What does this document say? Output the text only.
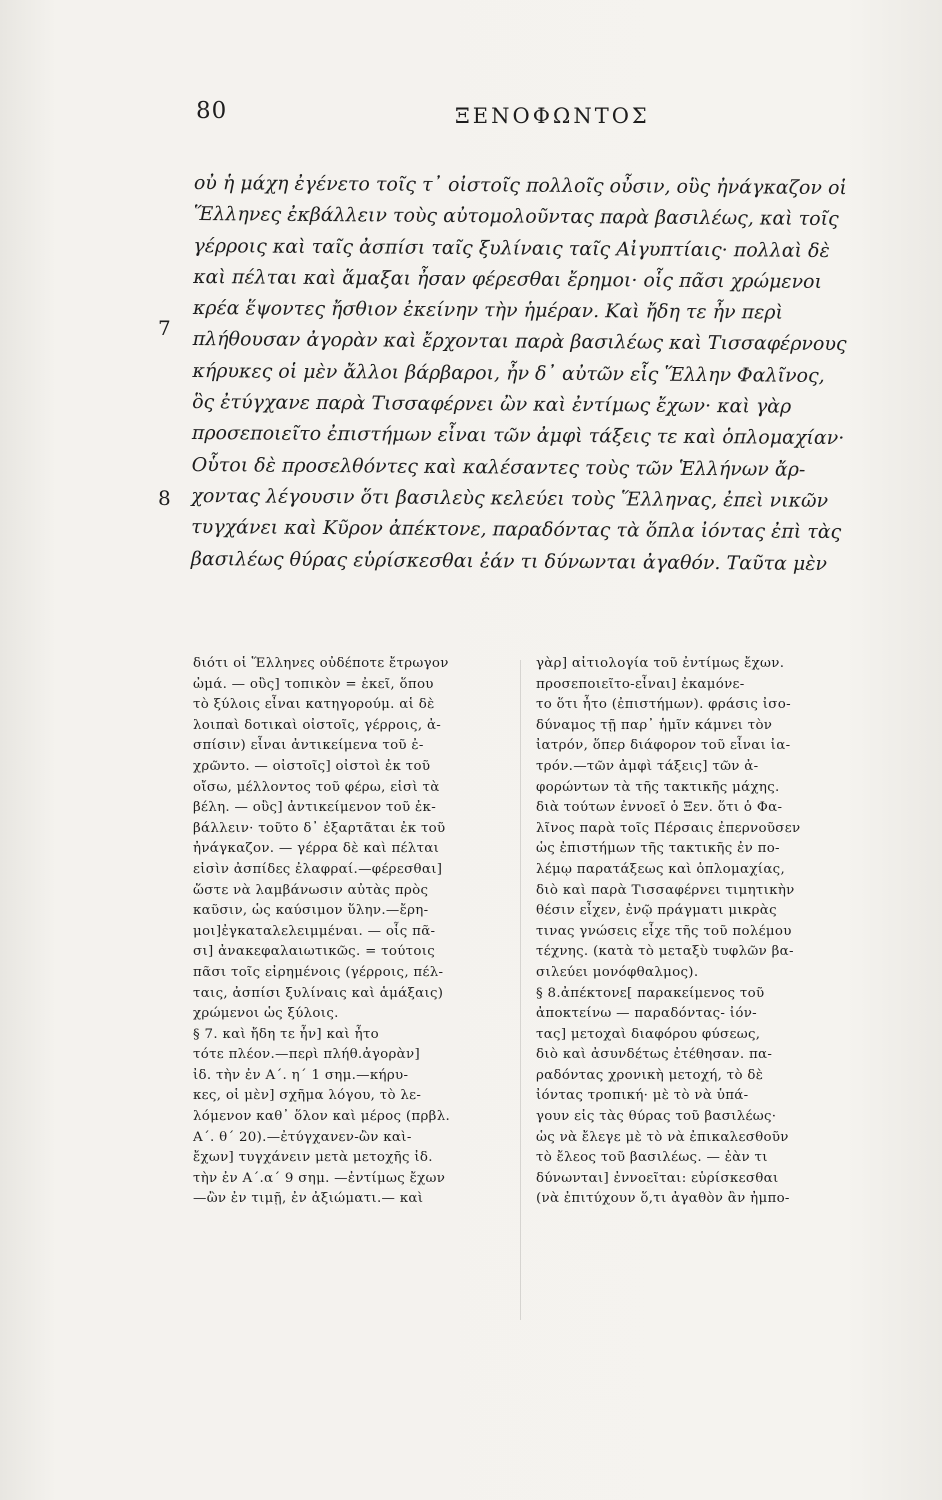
80	ΞΕΝΟΦΩΝΤΟΣ
7
8
οὐ ἡ μάχη ἐγένετο τοῖς τ᾿ οἰστοῖς πολλοῖς οὖσιν, οὓς ἠνάγκαζον οἱ
Ἕλληνες ἐκβάλλειν τοὺς αὐτομολοῦντας παρὰ βασιλέως, καὶ τοῖς
γέρροις καὶ ταῖς ἀσπίσι ταῖς ξυλίναις ταῖς Αἰγυπτίαις· πολλαὶ δὲ
καὶ πέλται καὶ ἅμαξαι ἦσαν φέρεσθαι ἔρημοι· οἷς πᾶσι χρώμενοι
κρέα ἕψοντες ἤσθιον ἐκείνην τὴν ἡμέραν. Καὶ ἤδη τε ἦν περὶ
πλήθουσαν ἀγορὰν καὶ ἔρχονται παρὰ βασιλέως καὶ Τισσαφέρνους
κήρυκες οἱ μὲν ἄλλοι βάρβαροι, ἦν δ᾿ αὐτῶν εἷς Ἕλλην Φαλῖνος,
ὃς ἐτύγχανε παρὰ Τισσαφέρνει ὢν καὶ ἐντίμως ἔχων· καὶ γὰρ
προσεποιεῖτο ἐπιστήμων εἶναι τῶν ἀμφὶ τάξεις τε καὶ ὁπλομαχίαν·
Οὗτοι δὲ προσελθόντες καὶ καλέσαντες τοὺς τῶν Ἑλλήνων ἄρ-
χοντας λέγουσιν ὅτι βασιλεὺς κελεύει τοὺς Ἕλληνας, ἐπεὶ νικῶν
τυγχάνει καὶ Κῦρον ἀπέκτονε, παραδόντας τὰ ὅπλα ἰόντας ἐπὶ τὰς
βασιλέως θύρας εὑρίσκεσθαι ἐάν τι δύνωνται ἀγαθόν. Ταῦτα μὲν
διότι οἱ Ἕλληνες οὐδέποτε ἔτρωγον
ὠμά. — οὓς] τοπικὸν = ἐκεῖ, ὅπου
τὸ ξύλοις εἶναι κατηγορούμ. αἱ δὲ
λοιπαὶ δοτικαὶ οἰστοῖς, γέρροις, ἀ-
σπίσιν) εἶναι ἀντικείμενα τοῦ ἐ-
χρῶντο. — οἰστοῖς] οἰστοὶ ἐκ τοῦ
οἴσω, μέλλοντος τοῦ φέρω, εἰσὶ τὰ
βέλη. — οὓς] ἀντικείμενον τοῦ ἐκ-
βάλλειν· τοῦτο δ᾿ ἐξαρτᾶται ἐκ τοῦ
ἠνάγκαζον. — γέρρα δὲ καὶ πέλται
εἰσὶν ἀσπίδες ἐλαφραί.—φέρεσθαι]
ὥστε νὰ λαμβάνωσιν αὐτὰς πρὸς
καῦσιν, ὡς καύσιμον ὕλην.—ἔρη-
μοι]ἐγκαταλελειμμέναι. — οἷς πᾶ-
σι] ἀνακεφαλαιωτικῶς. = τούτοις
πᾶσι τοῖς εἰρημένοις (γέρροις, πέλ-
ταις, ἀσπίσι ξυλίναις καὶ ἁμάξαις)
χρώμενοι ὡς ξύλοις.
§ 7. καὶ ἤδη τε ἦν] καὶ ἦτο
τότε πλέον.—περὶ πλήθ.ἀγορὰν]
ἰδ. τὴν ἐν Α΄. η΄ 1 σημ.—κήρυ-
κες, οἱ μὲν] σχῆμα λόγου, τὸ λε-
λόμενον καθ᾿ ὅλον καὶ μέρος (πρβλ.
Α΄. θ΄ 20).—ἐτύγχανεν-ὢν καὶ-
ἔχων] τυγχάνειν μετὰ μετοχῆς ἰδ.
τὴν ἐν Α΄.α΄ 9 σημ. —ἐντίμως ἔχων
—ὢν ἐν τιμῇ, ἐν ἀξιώματι.— καὶ
γὰρ] αἰτιολογία τοῦ ἐντίμως ἔχων.
προσεποιεῖτο-εἶναι] ἐκαμόνε-
το ὅτι ἦτο (ἐπιστήμων). φράσις ἰσο-
δύναμος τῇ παρ᾿ ἡμῖν κάμνει τὸν
ἰατρόν, ὅπερ διάφορον τοῦ εἶναι ἰα-
τρόν.—τῶν ἀμφὶ τάξεις] τῶν ἀ-
φορώντων τὰ τῆς τακτικῆς μάχης.
διὰ τούτων ἐννοεῖ ὁ Ξεν. ὅτι ὁ Φα-
λῖνος παρὰ τοῖς Πέρσαις ἐπερνοῦσεν
ὡς ἐπιστήμων τῆς τακτικῆς ἐν πο-
λέμῳ παρατάξεως καὶ ὁπλομαχίας,
διὸ καὶ παρὰ Τισσαφέρνει τιμητικὴν
θέσιν εἶχεν, ἐνῷ πράγματι μικρὰς
τινας γνώσεις εἶχε τῆς τοῦ πολέμου
τέχνης. (κατὰ τὸ μεταξὺ τυφλῶν βα-
σιλεύει μονόφθαλμος).
§ 8.ἀπέκτονε[ παρακείμενος τοῦ
ἀποκτείνω — παραδόντας- ἰόν-
τας] μετοχαὶ διαφόρου φύσεως,
διὸ καὶ ἀσυνδέτως ἐτέθησαν. πα-
ραδόντας χρονικὴ μετοχή, τὸ δὲ
ἰόντας τροπική· μὲ τὸ νὰ ὑπά-
γουν εἰς τὰς θύρας τοῦ βασιλέως·
ὡς νὰ ἔλεγε μὲ τὸ νὰ ἐπικαλεσθοῦν
τὸ ἔλεος τοῦ βασιλέως. — ἐὰν τι
δύνωνται] ἐννοεῖται: εὑρίσκεσθαι
(νὰ ἐπιτύχουν ὅ,τι ἀγαθὸν ἂν ἠμπο-
